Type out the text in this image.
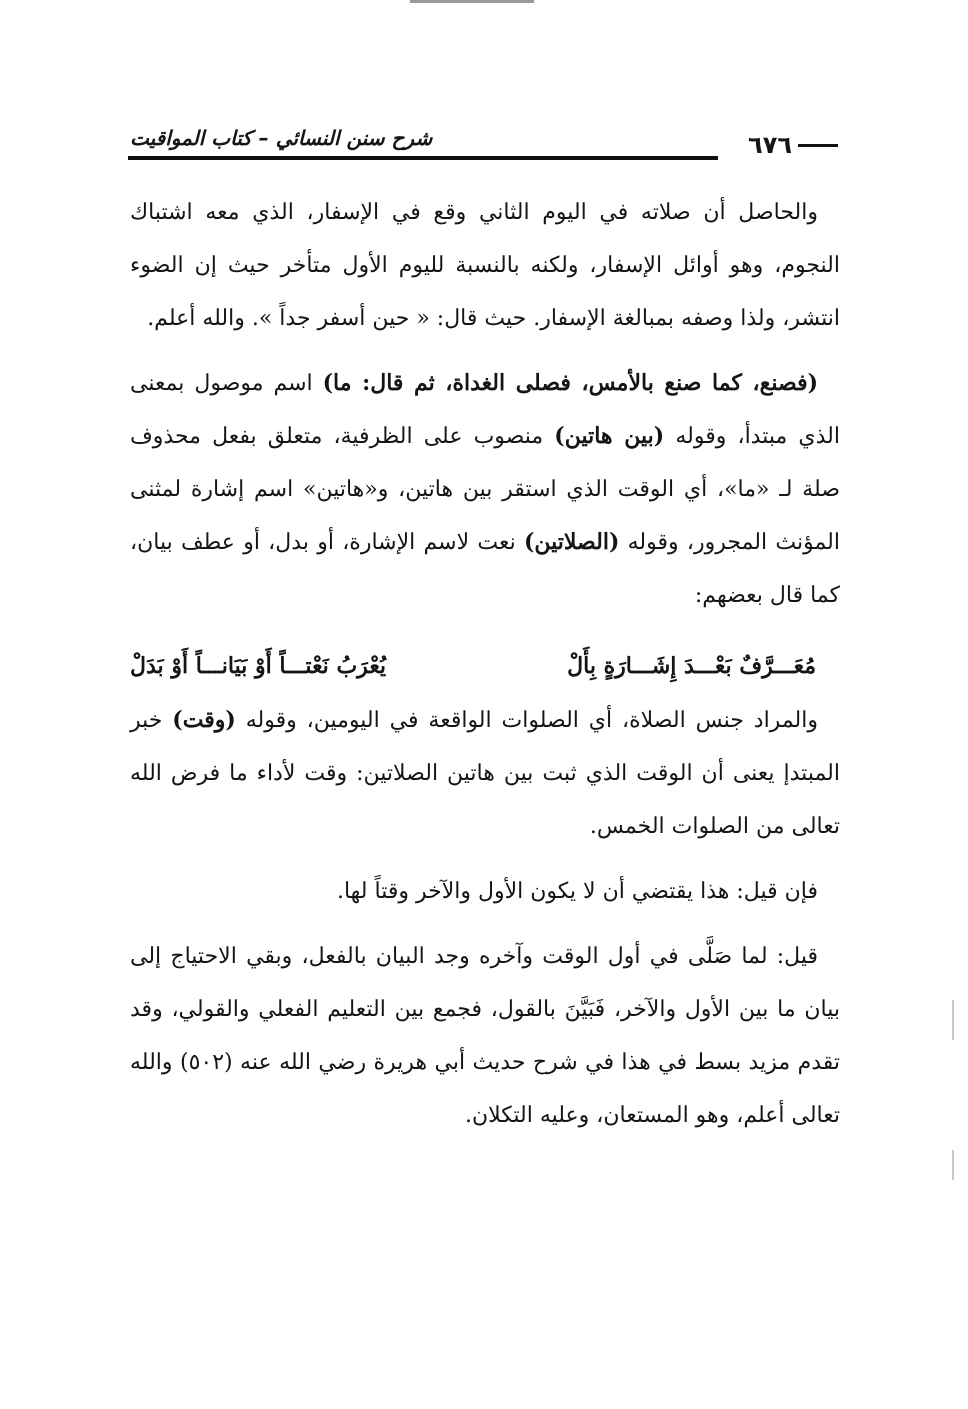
٦٧٦
شرح سنن النسائي – كتاب المواقيت

والحاصل أن صلاته في اليوم الثاني وقع في الإسفار، الذي معه اشتباك النجوم، وهو أوائل الإسفار، ولكنه بالنسبة لليوم الأول متأخر حيث إن الضوء انتشر، ولذا وصفه بمبالغة الإسفار. حيث قال: « حين أسفر جداً ». والله أعلم.

(فصنع، كما صنع بالأمس، فصلى الغداة، ثم قال: ما) اسم موصول بمعنى الذي مبتدأ، وقوله (بين هاتين) منصوب على الظرفية، متعلق بفعل محذوف صلة لـ «ما»، أي الوقت الذي استقر بين هاتين، و«هاتين» اسم إشارة لمثنى المؤنث المجرور، وقوله (الصلاتين) نعت لاسم الإشارة، أو بدل، أو عطف بيان، كما قال بعضهم:

مُعَـــرَّفٌ بَعْـــدَ إِشَـــارَةٍ بِأَلْ
يُعْرَبُ نَعْتـــاً أَوْ بَيَانـــاً أَوْ بَدَلْ

والمراد جنس الصلاة، أي الصلوات الواقعة في اليومين، وقوله (وقت) خبر المبتدإ يعنى أن الوقت الذي ثبت بين هاتين الصلاتين: وقت لأداء ما فرض الله تعالى من الصلوات الخمس.

فإن قيل: هذا يقتضي أن لا يكون الأول والآخر وقتاً لها.

قيل: لما صَلَّى في أول الوقت وآخره وجد البيان بالفعل، وبقي الاحتياج إلى بيان ما بين الأول والآخر، فَبَيَّنَ بالقول، فجمع بين التعليم الفعلي والقولي، وقد تقدم مزيد بسط في هذا في شرح حديث أبي هريرة رضي الله عنه (٥٠٢) والله تعالى أعلم، وهو المستعان، وعليه التكلان.
